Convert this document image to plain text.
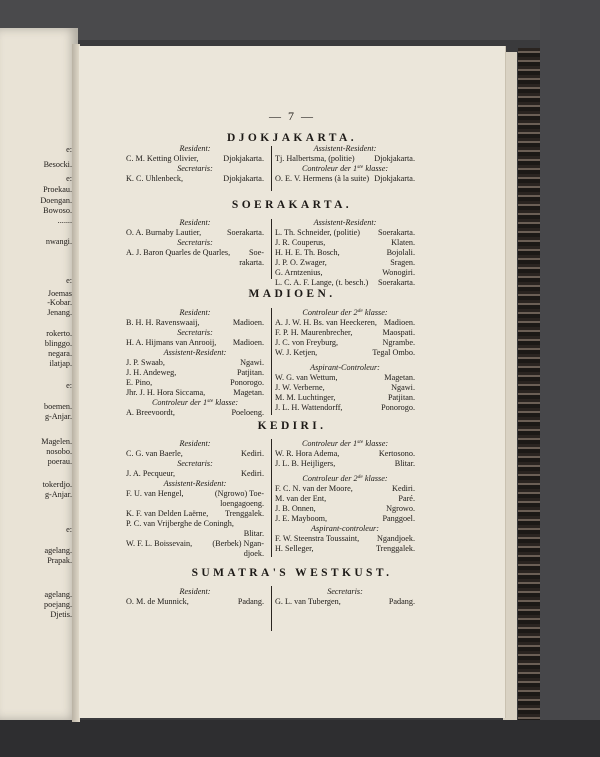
e:
Besocki.
e:
Proekau.
Doengan.
Bowoso.
.......
nwangi.
e:
Joemas
-Kobar.
Jenang.
rokerto.
blinggo.
negara.
ilatjap.
e:
boemen.
g-Anjar.
Magelen.
nosobo.
poerau.
tokerdjo.
g-Anjar.
e:
agelang.
Prapak.
agelang.
poejang.
Djetis.
— 7 —
DJOKJAKARTA.
Resident:
C. M. Ketting Olivier,	Djokjakarta.
Secretaris:
K. C. Uhlenbeck,	Djokjakarta.
Assistent-Resident:
Tj. Halbertsma, (politie) Djokjakarta.
Controleur der 1ste klasse:
O. E. V. Hermens (à la suite) Djokjakarta.
SOERAKARTA.
Resident:
O. A. Burnaby Lautier,	Soerakarta.
Secretaris:
A. J. Baron Quarles de Quarles, Soe-
rakarta.
Assistent-Resident:
L. Th. Schneider, (politie) Soerakarta.
J. R. Couperus,	Klaten.
H. H. E. Th. Bosch,	Bojolali.
J. P. O. Zwager,	Sragen.
G. Arntzenius,	Wonogiri.
L. C. A. F. Lange, (t. besch.) Soerakarta.
MADIOEN.
Resident:
B. H. H. Ravenswaaij,	Madioen.
Secretaris:
H. A. Hijmans van Anrooij, Madioen.
Assistent-Resident:
J. P. Swaab,	Ngawi.
J. H. Andeweg,	Patjitan.
E. Pino,	Ponorogo.
Jhr. J. H. Hora Siccama,	Magetan.
Controleur der 1ste klasse:
A. Breevoordt,	Poeloeng.
Controleur der 2de klasse:
A. J. W. H. Bs. van Heeckeren, Madioen.
F. P. H. Maurenbrecher,	Maospati.
J. C. von Freyburg,	Ngrambe.
W. J. Ketjen,	Tegal Ombo.
Aspirant-Controleur:
W. G. van Wettum,	Magetan.
J. W. Verberne,	Ngawi.
M. M. Luchtinger,	Patjitan.
J. L. H. Wattendorff,	Ponorogo.
KEDIRI.
Resident:
C. G. van Baerle,	Kediri.
Secretaris:
J. A. Pecqueur,	Kediri.
Assistent-Resident:
F. U. van Hengel,	(Ngrowo) Toe-
loengagoeng.
K. F. van Delden Laërne, Trenggalek.
P. C. van Vrijberghe de Coningh,
Blitar.
W. F. L. Boissevain, (Berbek) Ngan-
djoek.
Controleur der 1ste klasse:
W. R. Hora Adema,	Kertosono.
J. L. B. Heijligers,	Blitar.
Controleur der 2de klasse:
F. C. N. van der Moore,	Kediri.
M. van der Ent,	Paré.
J. B. Onnen,	Ngrowo.
J. E. Mayboom,	Panggoel.
Aspirant-controleur:
F. W. Steenstra Toussaint, Ngandjoek.
H. Selleger,	Trenggalek.
SUMATRA'S WESTKUST.
Resident:
O. M. de Munnick,	Padang.
Secretaris:
G. L. van Tubergen,	Padang.
